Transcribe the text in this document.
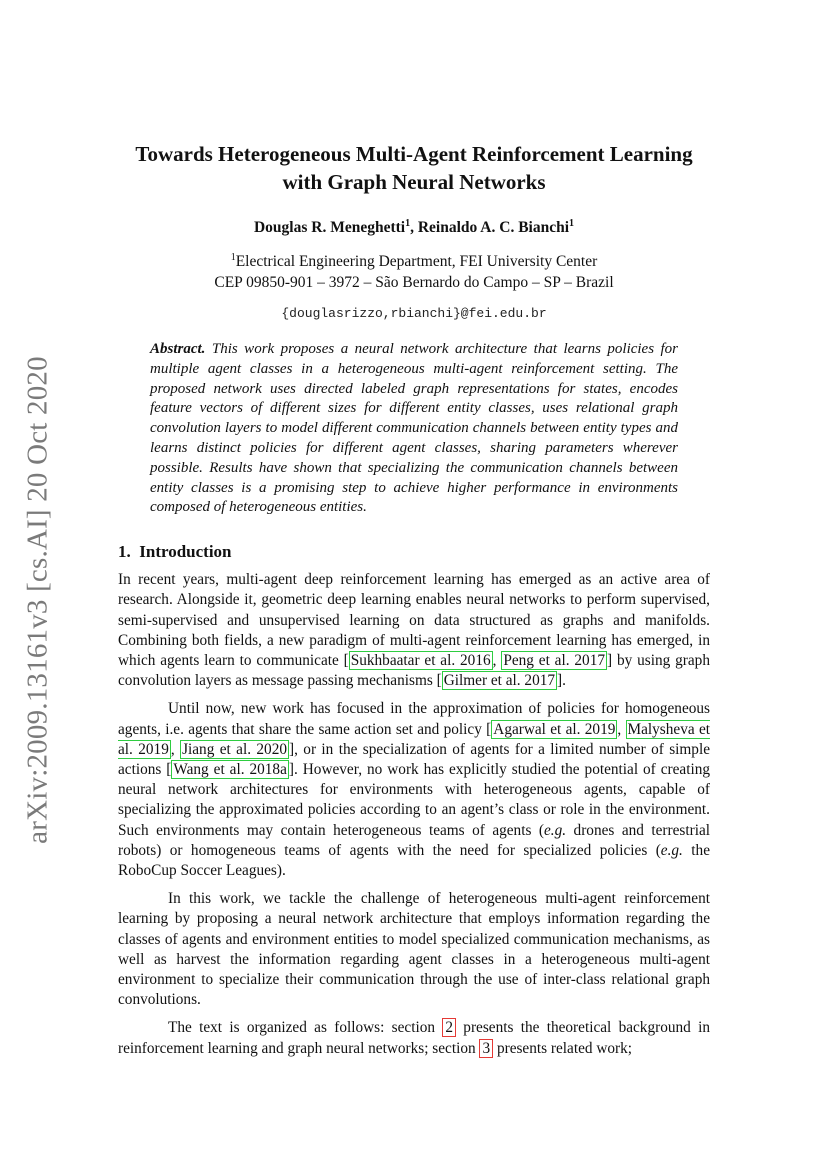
arXiv:2009.13161v3 [cs.AI] 20 Oct 2020
Towards Heterogeneous Multi-Agent Reinforcement Learning
with Graph Neural Networks
Douglas R. Meneghetti$^1$, Reinaldo A. C. Bianchi$^1$
$^1$Electrical Engineering Department, FEI University Center
CEP 09850-901 – 3972 – São Bernardo do Campo – SP – Brazil
{douglasrizzo,rbianchi}@fei.edu.br
Abstract. This work proposes a neural network architecture that learns policies for multiple agent classes in a heterogeneous multi-agent reinforcement setting. The proposed network uses directed labeled graph representations for states, encodes feature vectors of different sizes for different entity classes, uses relational graph convolution layers to model different communication channels between entity types and learns distinct policies for different agent classes, sharing parameters wherever possible. Results have shown that specializing the communication channels between entity classes is a promising step to achieve higher performance in environments composed of heterogeneous entities.
1. Introduction

In recent years, multi-agent deep reinforcement learning has emerged as an active area of research. Alongside it, geometric deep learning enables neural networks to perform supervised, semi-supervised and unsupervised learning on data structured as graphs and manifolds. Combining both fields, a new paradigm of multi-agent reinforcement learning has emerged, in which agents learn to communicate [ Sukhbaatar et al. 2016 , Peng et al. 2017 ] by using graph convolution layers as message passing mechanisms [ Gilmer et al. 2017 ].

Until now, new work has focused in the approximation of policies for homogeneous agents, i.e. agents that share the same action set and policy [ Agarwal et al. 2019 , Malysheva et al. 2019 , Jiang et al. 2020 ], or in the specialization of agents for a limited number of simple actions [ Wang et al. 2018a ]. However, no work has explicitly studied the potential of creating neural network architectures for environments with heterogeneous agents, capable of specializing the approximated policies according to an agent’s class or role in the environment. Such environments may contain heterogeneous teams of agents (e.g. drones and terrestrial robots) or homogeneous teams of agents with the need for specialized policies (e.g. the RoboCup Soccer Leagues).

In this work, we tackle the challenge of heterogeneous multi-agent reinforcement learning by proposing a neural network architecture that employs information regarding the classes of agents and environment entities to model specialized communication mechanisms, as well as harvest the information regarding agent classes in a heterogeneous multi-agent environment to specialize their communication through the use of inter-class relational graph convolutions.

The text is organized as follows: section 2 presents the theoretical background in reinforcement learning and graph neural networks; section 3 presents related work;
